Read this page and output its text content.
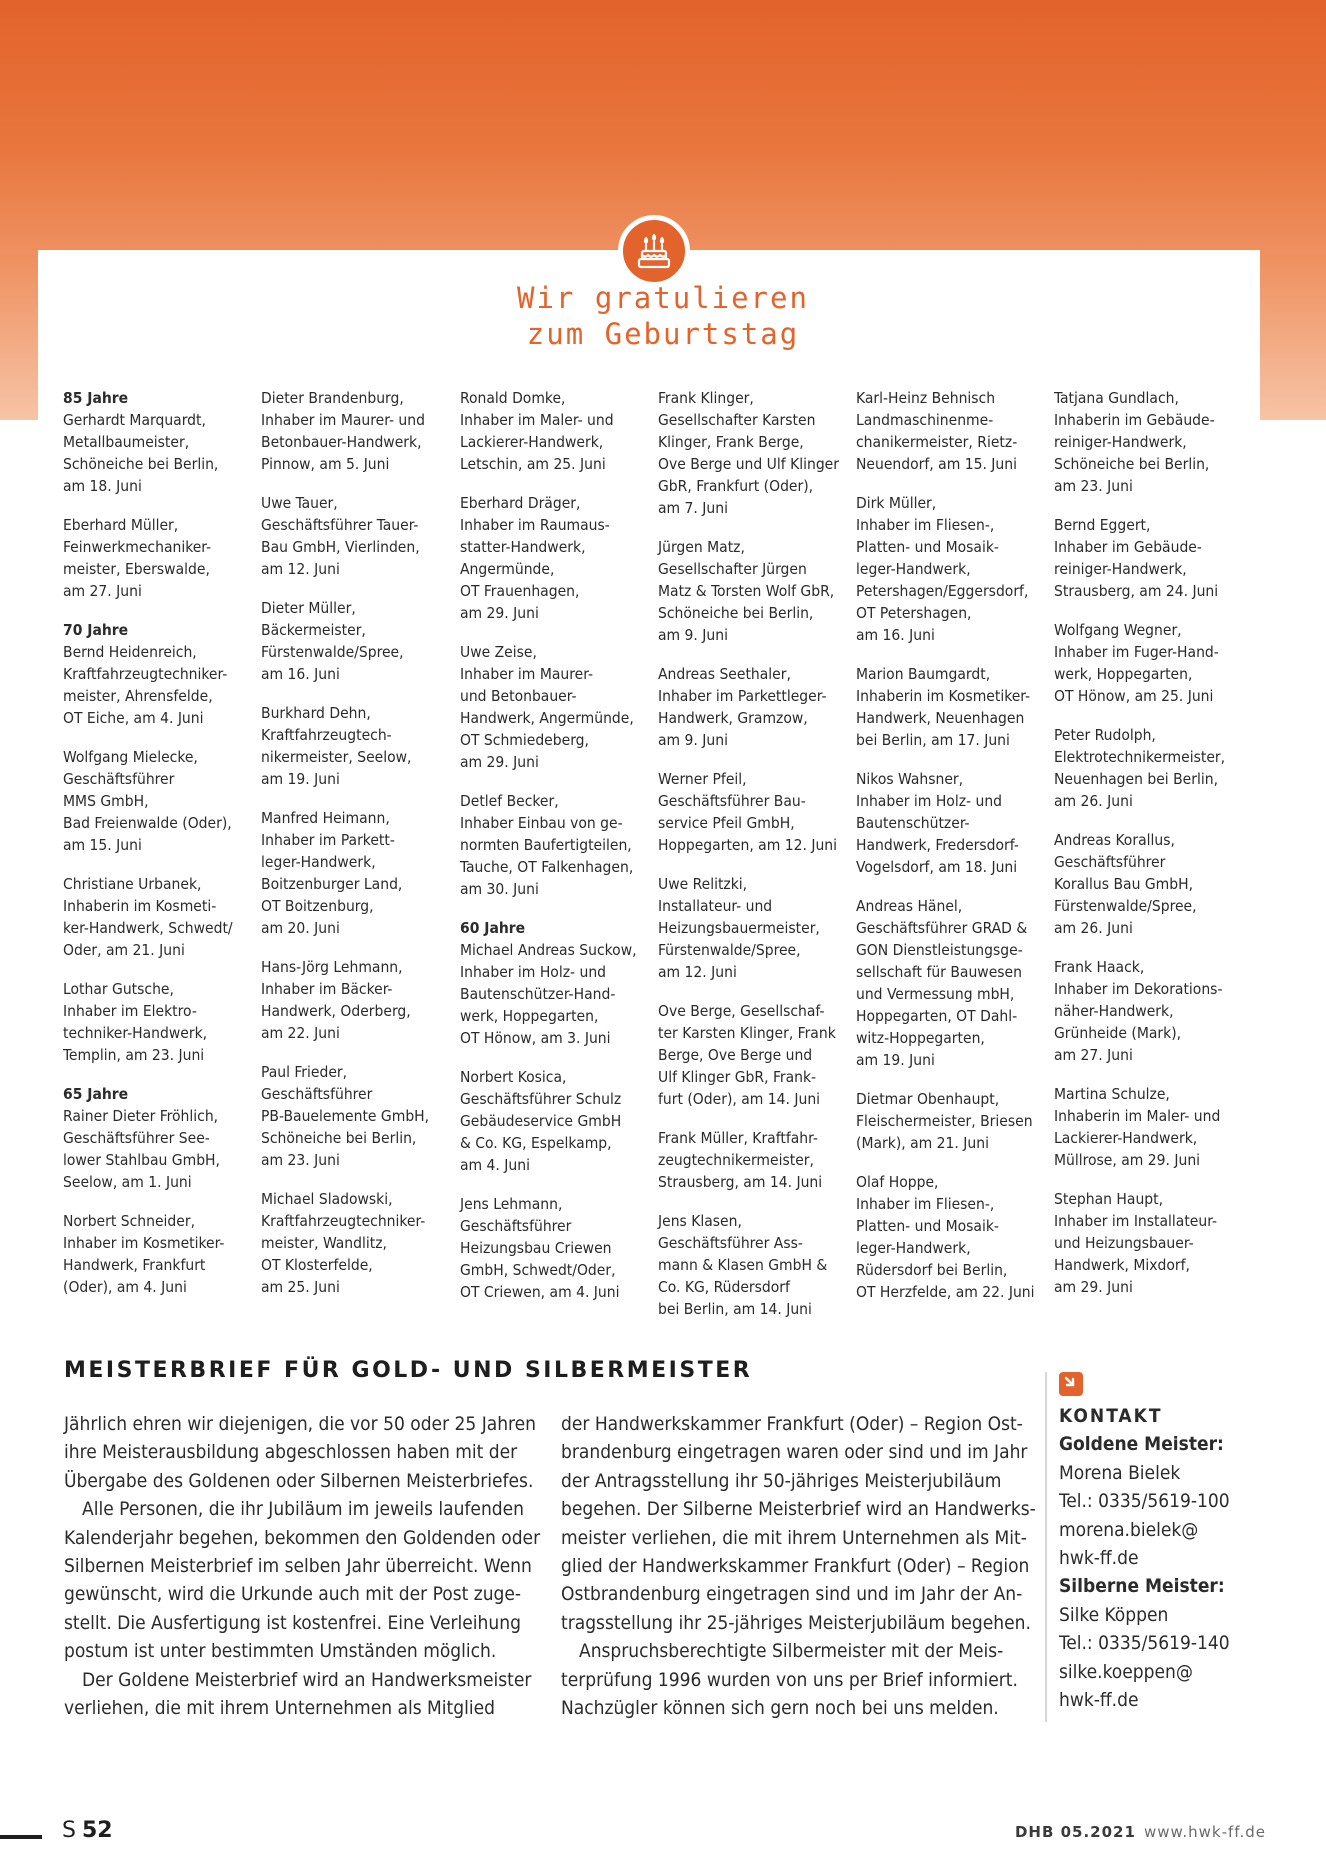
Wir gratulieren
zum Geburtstag
85 Jahre
Gerhardt Marquardt,
Metallbaumeister,
Schöneiche bei Berlin,
am 18. Juni
Eberhard Müller,
Feinwerkmechaniker-
meister, Eberswalde,
am 27. Juni
70 Jahre
Bernd Heidenreich,
Kraftfahrzeugtechniker-
meister, Ahrensfelde,
OT Eiche, am 4. Juni
Wolfgang Mielecke,
Geschäftsführer
MMS GmbH,
Bad Freienwalde (Oder),
am 15. Juni
Christiane Urbanek,
Inhaberin im Kosmeti-
ker-Handwerk, Schwedt/
Oder, am 21. Juni
Lothar Gutsche,
Inhaber im Elektro-
techniker-Handwerk,
Templin, am 23. Juni
65 Jahre
Rainer Dieter Fröhlich,
Geschäftsführer See-
lower Stahlbau GmbH,
Seelow, am 1. Juni
Norbert Schneider,
Inhaber im Kosmetiker-
Handwerk, Frankfurt
(Oder), am 4. Juni
Dieter Brandenburg,
Inhaber im Maurer- und
Betonbauer-Handwerk,
Pinnow, am 5. Juni
Uwe Tauer,
Geschäftsführer Tauer-
Bau GmbH, Vierlinden,
am 12. Juni
Dieter Müller,
Bäckermeister,
Fürstenwalde/Spree,
am 16. Juni
Burkhard Dehn,
Kraftfahrzeugtech-
nikermeister, Seelow,
am 19. Juni
Manfred Heimann,
Inhaber im Parkett-
leger-Handwerk,
Boitzenburger Land,
OT Boitzenburg,
am 20. Juni
Hans-Jörg Lehmann,
Inhaber im Bäcker-
Handwerk, Oderberg,
am 22. Juni
Paul Frieder,
Geschäftsführer
PB-Bauelemente GmbH,
Schöneiche bei Berlin,
am 23. Juni
Michael Sladowski,
Kraftfahrzeugtechniker-
meister, Wandlitz,
OT Klosterfelde,
am 25. Juni
Ronald Domke,
Inhaber im Maler- und
Lackierer-Handwerk,
Letschin, am 25. Juni
Eberhard Dräger,
Inhaber im Raumaus-
statter-Handwerk,
Angermünde,
OT Frauenhagen,
am 29. Juni
Uwe Zeise,
Inhaber im Maurer-
und Betonbauer-
Handwerk, Angermünde,
OT Schmiedeberg,
am 29. Juni
Detlef Becker,
Inhaber Einbau von ge-
normten Baufertigteilen,
Tauche, OT Falkenhagen,
am 30. Juni
60 Jahre
Michael Andreas Suckow,
Inhaber im Holz- und
Bautenschützer-Hand-
werk, Hoppegarten,
OT Hönow, am 3. Juni
Norbert Kosica,
Geschäftsführer Schulz
Gebäudeservice GmbH
& Co. KG, Espelkamp,
am 4. Juni
Jens Lehmann,
Geschäftsführer
Heizungsbau Criewen
GmbH, Schwedt/Oder,
OT Criewen, am 4. Juni
Frank Klinger,
Gesellschafter Karsten
Klinger, Frank Berge,
Ove Berge und Ulf Klinger
GbR, Frankfurt (Oder),
am 7. Juni
Jürgen Matz,
Gesellschafter Jürgen
Matz & Torsten Wolf GbR,
Schöneiche bei Berlin,
am 9. Juni
Andreas Seethaler,
Inhaber im Parkettleger-
Handwerk, Gramzow,
am 9. Juni
Werner Pfeil,
Geschäftsführer Bau-
service Pfeil GmbH,
Hoppegarten, am 12. Juni
Uwe Relitzki,
Installateur- und
Heizungsbauermeister,
Fürstenwalde/Spree,
am 12. Juni
Ove Berge, Gesellschaf-
ter Karsten Klinger, Frank
Berge, Ove Berge und
Ulf Klinger GbR, Frank-
furt (Oder), am 14. Juni
Frank Müller, Kraftfahr-
zeugtechnikermeister,
Strausberg, am 14. Juni
Jens Klasen,
Geschäftsführer Ass-
mann & Klasen GmbH &
Co. KG, Rüdersdorf
bei Berlin, am 14. Juni
Karl-Heinz Behnisch
Landmaschinenme-
chanikermeister, Rietz-
Neuendorf, am 15. Juni
Dirk Müller,
Inhaber im Fliesen-,
Platten- und Mosaik-
leger-Handwerk,
Petershagen/Eggersdorf,
OT Petershagen,
am 16. Juni
Marion Baumgardt,
Inhaberin im Kosmetiker-
Handwerk, Neuenhagen
bei Berlin, am 17. Juni
Nikos Wahsner,
Inhaber im Holz- und
Bautenschützer-
Handwerk, Fredersdorf-
Vogelsdorf, am 18. Juni
Andreas Hänel,
Geschäftsführer GRAD &
GON Dienstleistungsge-
sellschaft für Bauwesen
und Vermessung mbH,
Hoppegarten, OT Dahl-
witz-Hoppegarten,
am 19. Juni
Dietmar Obenhaupt,
Fleischermeister, Briesen
(Mark), am 21. Juni
Olaf Hoppe,
Inhaber im Fliesen-,
Platten- und Mosaik-
leger-Handwerk,
Rüdersdorf bei Berlin,
OT Herzfelde, am 22. Juni
Tatjana Gundlach,
Inhaberin im Gebäude-
reiniger-Handwerk,
Schöneiche bei Berlin,
am 23. Juni
Bernd Eggert,
Inhaber im Gebäude-
reiniger-Handwerk,
Strausberg, am 24. Juni
Wolfgang Wegner,
Inhaber im Fuger-Hand-
werk, Hoppegarten,
OT Hönow, am 25. Juni
Peter Rudolph,
Elektrotechnikermeister,
Neuenhagen bei Berlin,
am 26. Juni
Andreas Korallus,
Geschäftsführer
Korallus Bau GmbH,
Fürstenwalde/Spree,
am 26. Juni
Frank Haack,
Inhaber im Dekorations-
näher-Handwerk,
Grünheide (Mark),
am 27. Juni
Martina Schulze,
Inhaberin im Maler- und
Lackierer-Handwerk,
Müllrose, am 29. Juni
Stephan Haupt,
Inhaber im Installateur-
und Heizungsbauer-
Handwerk, Mixdorf,
am 29. Juni
MEISTERBRIEF FÜR GOLD- UND SILBERMEISTER
Jährlich ehren wir diejenigen, die vor 50 oder 25 Jahren
ihre Meisterausbildung abgeschlossen haben mit der
Übergabe des Goldenen oder Silbernen Meisterbriefes.
Alle Personen, die ihr Jubiläum im jeweils laufenden
Kalenderjahr begehen, bekommen den Goldenden oder
Silbernen Meisterbrief im selben Jahr überreicht. Wenn
gewünscht, wird die Urkunde auch mit der Post zuge-
stellt. Die Ausfertigung ist kostenfrei. Eine Verleihung
postum ist unter bestimmten Umständen möglich.
Der Goldene Meisterbrief wird an Handwerksmeister
verliehen, die mit ihrem Unternehmen als Mitglied
der Handwerkskammer Frankfurt (Oder) – Region Ost-
brandenburg eingetragen waren oder sind und im Jahr
der Antragsstellung ihr 50-jähriges Meisterjubiläum
begehen. Der Silberne Meisterbrief wird an Handwerks-
meister verliehen, die mit ihrem Unternehmen als Mit-
glied der Handwerkskammer Frankfurt (Oder) – Region
Ostbrandenburg eingetragen sind und im Jahr der An-
tragsstellung ihr 25-jähriges Meisterjubiläum begehen.
Anspruchsberechtigte Silbermeister mit der Meis-
terprüfung 1996 wurden von uns per Brief informiert.
Nachzügler können sich gern noch bei uns melden.
KONTAKT
Goldene Meister:
Morena Bielek
Tel.: 0335/5619-100
morena.bielek@
hwk-ff.de
Silberne Meister:
Silke Köppen
Tel.: 0335/5619-140
silke.koeppen@
hwk-ff.de
S 52	DHB 05.2021 www.hwk-ff.de
